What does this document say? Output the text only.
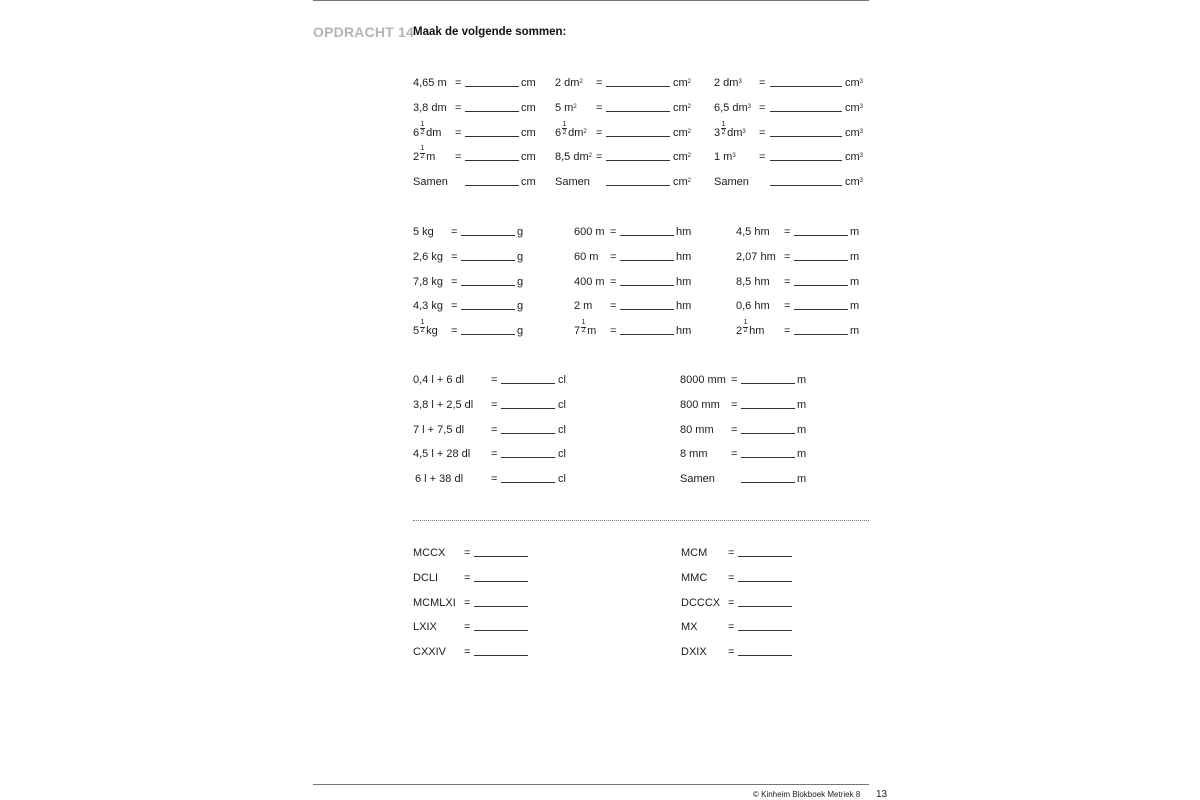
OPDRACHT 14 Maak de volgende sommen:
4,65 m =	cm
3,8 dm =	cm
$6 \frac{1}{2}$ dm =	cm
$2 \frac{1}{2}$ m =	cm
Samen	cm
2 $dm^2$ =	$cm^2$
5 $m^2$ =	$cm^2$
$6 \frac{1}{2} dm^2$ =	$cm^2$
8,5 $dm^2$ =	$cm^2$
Samen	$cm^2$
2 $dm^3$ =	$cm^3$
6,5 $dm^3$ =	$cm^3$
$3 \frac{1}{2} dm^3$ =	$cm^3$
1 $m^3$ =	$cm^3$
Samen	$cm^3$
5 kg =	g
2,6 kg =	g
7,8 kg =	g
4,3 kg =	g
$5 \frac{1}{2}$ kg =	g
600 m =	hm
60 m =	hm
400 m =	hm
2 m =	hm
$7 \frac{1}{2}$ m =	hm
4,5 hm =	m
2,07 hm =	m
8,5 hm =	m
0,6 hm =	m
$2 \frac{1}{2}$ hm =	m
0,4 l + 6 dl =	cl
3,8 l + 2,5 dl =	cl
7 l + 7,5 dl =	cl
4,5 l + 28 dl =	cl
6 l + 38 dl	=	cl
8000 mm =	m
800 mm =	m
80 mm =	m
8 mm =	m
Samen	m
MCCX =
DCLI =
MCMLXI =
LXIX =
CXXIV =
MCM =
MMC =
DCCCX =
MX	=
DXIX =
© Kinheim Blokboek Metriek 8 13
